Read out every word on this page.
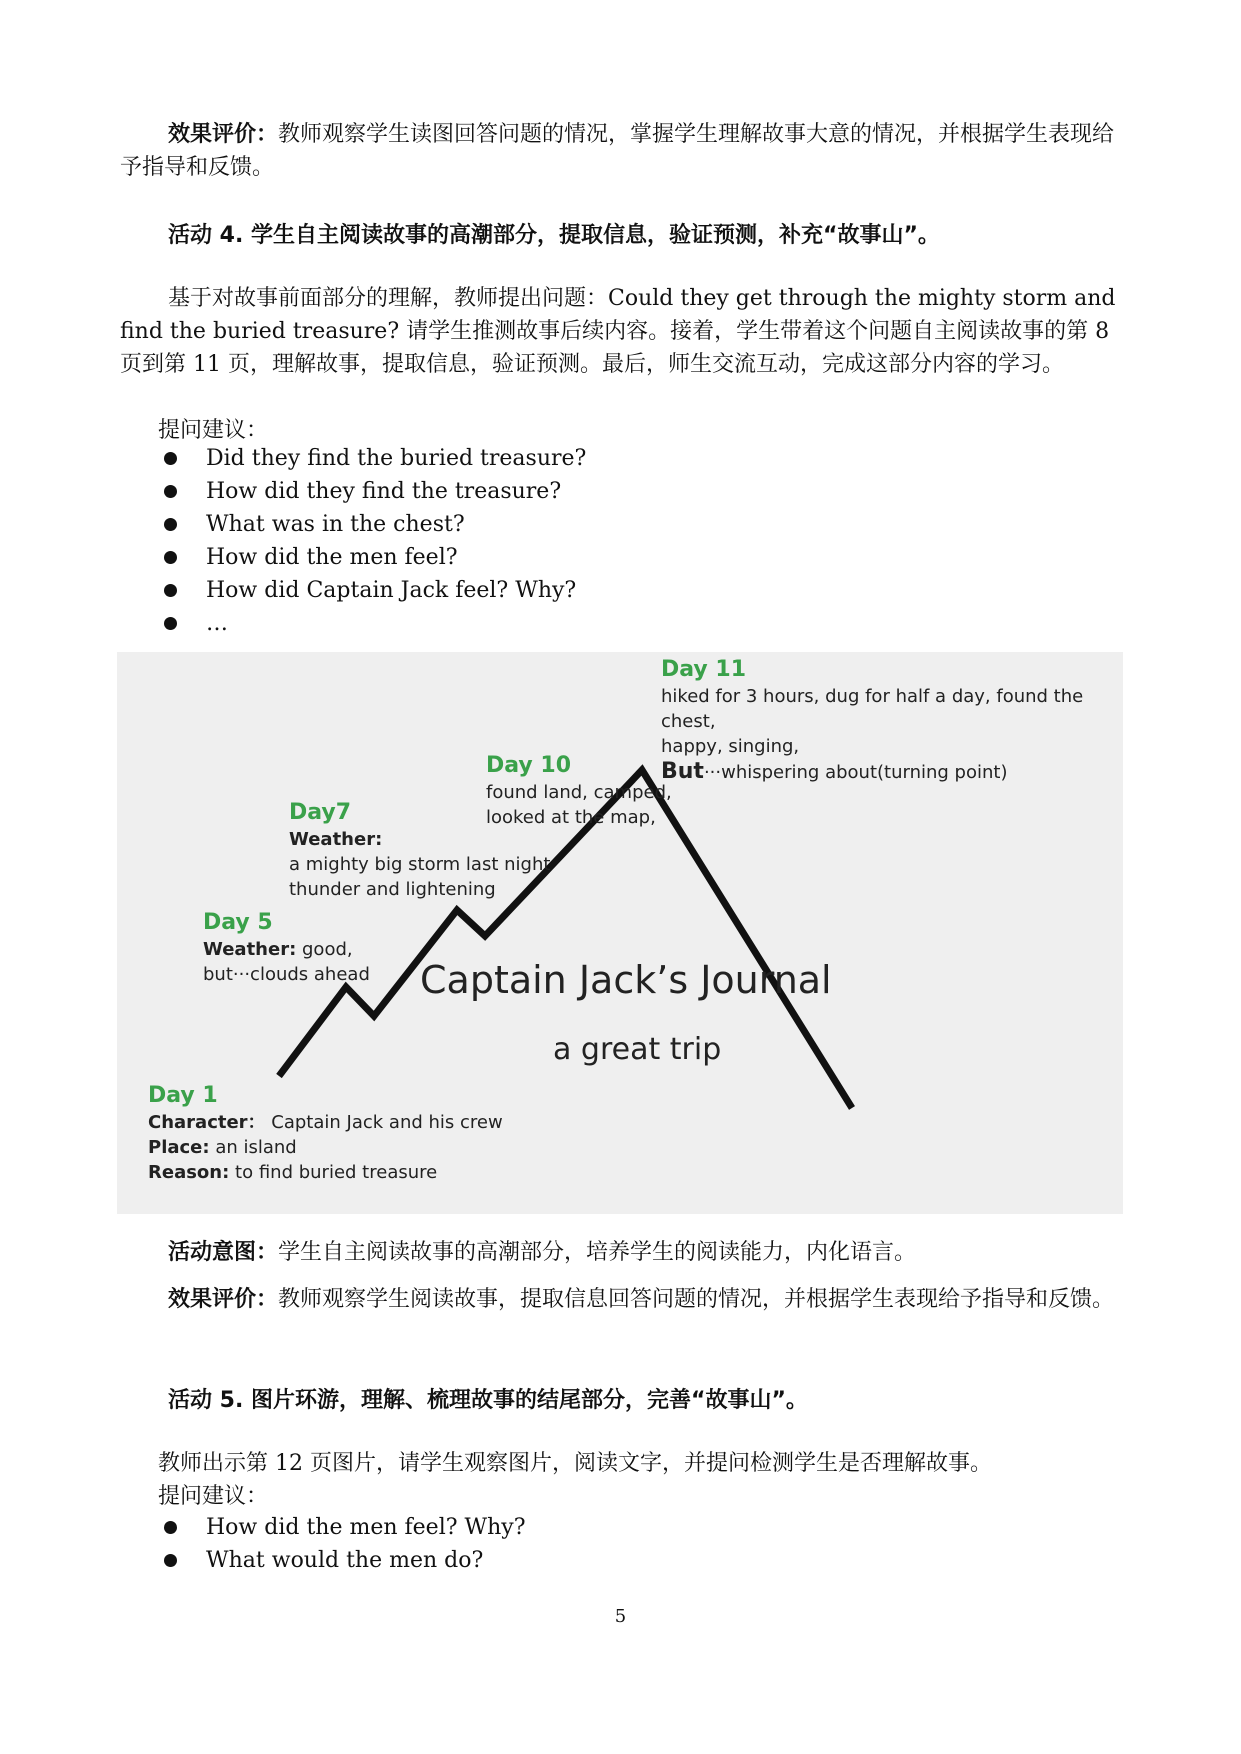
效果评价：教师观察学生读图回答问题的情况，掌握学生理解故事大意的情况，并根据学生表现给予指导和反馈。

活动 4. 学生自主阅读故事的高潮部分，提取信息，验证预测，补充“故事山”。

基于对故事前面部分的理解，教师提出问题：Could they get through the mighty storm and find the buried treasure? 请学生推测故事后续内容。接着，学生带着这个问题自主阅读故事的第 8 页到第 11 页，理解故事，提取信息，验证预测。最后，师生交流互动，完成这部分内容的学习。

提问建议：

Did they find the buried treasure?
How did they find the treasure?
What was in the chest?
How did the men feel?
How did Captain Jack feel? Why?
…

Captain Jack’s Journal

a great trip

Day 1
Character： Captain Jack and his crew
Place: an island
Reason: to find buried treasure
Day 5
Weather: good,
but···clouds ahead
Day7
Weather:
a mighty big storm last night
thunder and lightening
Day 10
found land, camped,
looked at the map,
Day 11
hiked for 3 hours, dug for half a day, found the chest,
happy, singing,
But···whispering about(turning point)

活动意图：学生自主阅读故事的高潮部分，培养学生的阅读能力，内化语言。

效果评价：教师观察学生阅读故事，提取信息回答问题的情况，并根据学生表现给予指导和反馈。

活动 5. 图片环游，理解、梳理故事的结尾部分，完善“故事山”。

教师出示第 12 页图片，请学生观察图片，阅读文字，并提问检测学生是否理解故事。

提问建议：

How did the men feel? Why?
What would the men do?
5
